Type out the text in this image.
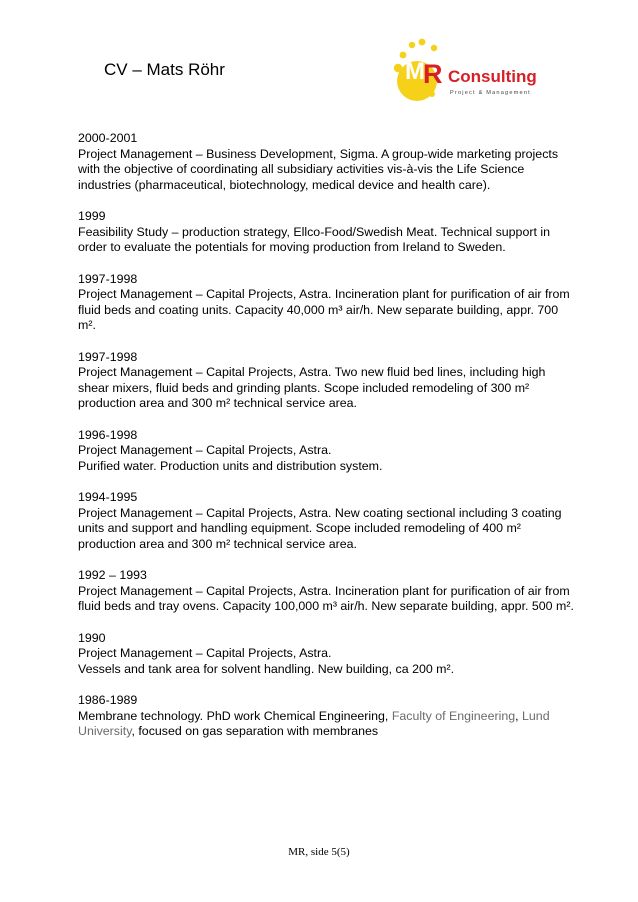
CV – Mats Röhr	M
R Consulting
Project & Management

2000-2001

Project Management – Business Development, Sigma. A group-wide marketing projects with the objective of coordinating all subsidiary activities vis-à-vis the Life Science industries (pharmaceutical, biotechnology, medical device and health care).

1999

Feasibility Study – production strategy, Ellco-Food/Swedish Meat. Technical support in order to evaluate the potentials for moving production from Ireland to Sweden.

1997-1998

Project Management – Capital Projects, Astra. Incineration plant for purification of air from fluid beds and coating units. Capacity 40,000 m³ air/h. New separate building, appr. 700 m².

1997-1998

Project Management – Capital Projects, Astra. Two new fluid bed lines, including high shear mixers, fluid beds and grinding plants. Scope included remodeling of 300 m² production area and 300 m² technical service area.

1996-1998

Project Management – Capital Projects, Astra.

Purified water. Production units and distribution system.

1994-1995

Project Management – Capital Projects, Astra. New coating sectional including 3 coating units and support and handling equipment. Scope included remodeling of 400 m² production area and 300 m² technical service area.

1992 – 1993

Project Management – Capital Projects, Astra. Incineration plant for purification of air from fluid beds and tray ovens. Capacity 100,000 m³ air/h. New separate building, appr. 500 m².

1990

Project Management – Capital Projects, Astra.

Vessels and tank area for solvent handling. New building, ca 200 m².

1986-1989

Membrane technology. PhD work Chemical Engineering, Faculty of Engineering, Lund University, focused on gas separation with membranes

MR, side 5(5)
